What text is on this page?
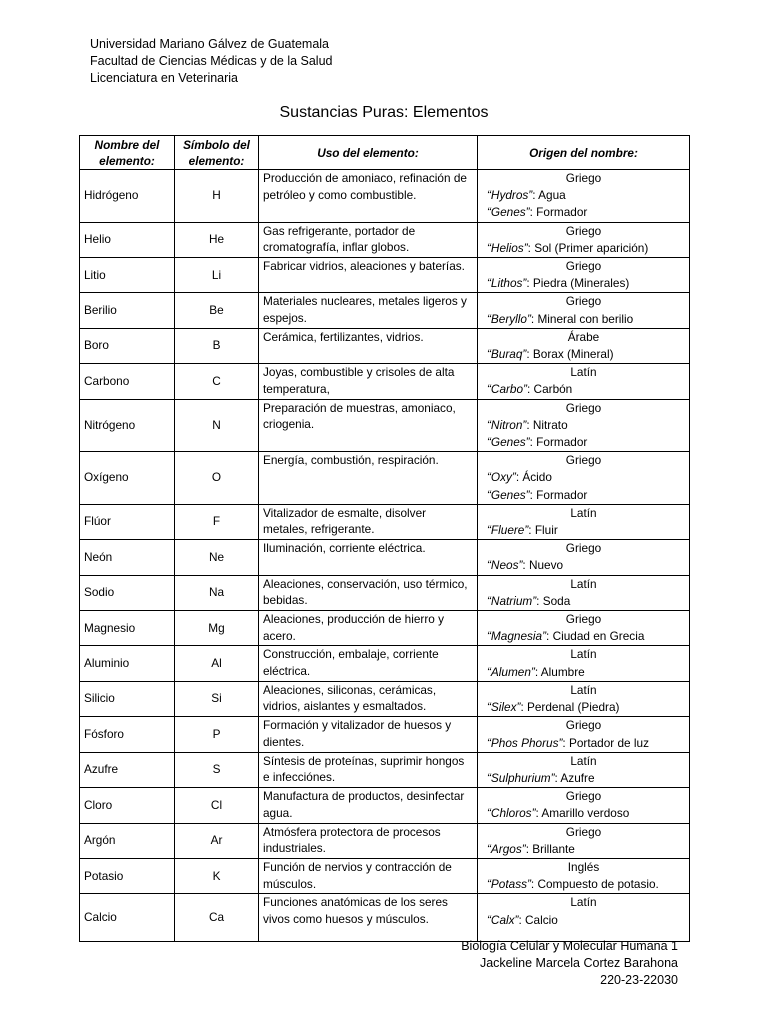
Universidad Mariano Gálvez de Guatemala
Facultad de Ciencias Médicas y de la Salud
Licenciatura en Veterinaria
Sustancias Puras: Elementos
Nombre del elemento:	Símbolo del elemento:	Uso del elemento:	Origen del nombre:
Hidrógeno	H	Producción de amoniaco, refinación de petróleo y como combustible.	Griego
“Hydros”: Agua
“Genes”: Formador

Helio	He	Gas refrigerante, portador de cromatografía, inflar globos.	Griego
“Helios”: Sol (Primer aparición)

Litio	Li	Fabricar vidrios, aleaciones y baterías.	Griego
“Lithos”: Piedra (Minerales)

Berilio	Be	Materiales nucleares, metales ligeros y espejos.	Griego
“Beryllo”: Mineral con berilio

Boro	B	Cerámica, fertilizantes, vidrios.	Árabe
“Buraq”: Borax (Mineral)

Carbono	C	Joyas, combustible y crisoles de alta temperatura,	Latín
“Carbo”: Carbón

Nitrógeno	N	Preparación de muestras, amoniaco, criogenia.	Griego
“Nitron”: Nitrato
“Genes”: Formador

Oxígeno	O	Energía, combustión, respiración.	Griego
“Oxy”: Ácido
“Genes”: Formador

Flúor	F	Vitalizador de esmalte, disolver metales, refrigerante.	Latín
“Fluere”: Fluir

Neón	Ne	Iluminación, corriente eléctrica.	Griego
“Neos”: Nuevo

Sodio	Na	Aleaciones, conservación, uso térmico, bebidas.	Latín
“Natrium”: Soda

Magnesio	Mg	Aleaciones, producción de hierro y acero.	Griego
“Magnesia”: Ciudad en Grecia

Aluminio	Al	Construcción, embalaje, corriente eléctrica.	Latín
“Alumen”: Alumbre

Silicio	Si	Aleaciones, siliconas, cerámicas, vidrios, aislantes y esmaltados.	Latín
“Silex”: Perdenal (Piedra)

Fósforo	P	Formación y vitalizador de huesos y dientes.	Griego
“Phos Phorus”: Portador de luz

Azufre	S	Síntesis de proteínas, suprimir hongos e infecciónes.	Latín
“Sulphurium”: Azufre

Cloro	Cl	Manufactura de productos, desinfectar agua.	Griego
“Chloros”: Amarillo verdoso

Argón	Ar	Atmósfera protectora de procesos industriales.	Griego
“Argos”: Brillante

Potasio	K	Función de nervios y contracción de músculos.	Inglés
“Potass”: Compuesto de potasio.

Calcio	Ca	Funciones anatómicas de los seres vivos como huesos y músculos.	Latín
“Calx”: Calcio
Biología Celular y Molecular Humana 1
Jackeline Marcela Cortez Barahona
220-23-22030
